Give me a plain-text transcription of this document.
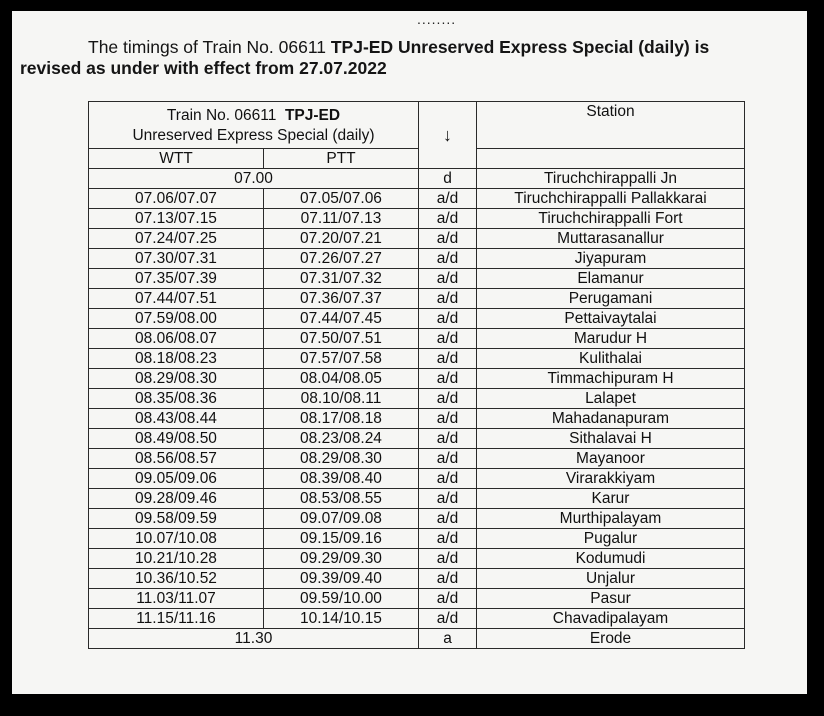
........
The timings of Train No. 06611 TPJ-ED Unreserved Express Special (daily) is
revised as under with effect from 27.07.2022
Train No. 06611 TPJ-ED
Unreserved Express Special (daily)		↓	Station
WTT	PTT		
07.00		d	Tiruchchirappalli Jn
07.06/07.07	07.05/07.06	a/d	Tiruchchirappalli Pallakkarai
07.13/07.15	07.11/07.13	a/d	Tiruchchirappalli Fort
07.24/07.25	07.20/07.21	a/d	Muttarasanallur
07.30/07.31	07.26/07.27	a/d	Jiyapuram
07.35/07.39	07.31/07.32	a/d	Elamanur
07.44/07.51	07.36/07.37	a/d	Perugamani
07.59/08.00	07.44/07.45	a/d	Pettaivaytalai
08.06/08.07	07.50/07.51	a/d	Marudur H
08.18/08.23	07.57/07.58	a/d	Kulithalai
08.29/08.30	08.04/08.05	a/d	Timmachipuram H
08.35/08.36	08.10/08.11	a/d	Lalapet
08.43/08.44	08.17/08.18	a/d	Mahadanapuram
08.49/08.50	08.23/08.24	a/d	Sithalavai H
08.56/08.57	08.29/08.30	a/d	Mayanoor
09.05/09.06	08.39/08.40	a/d	Virarakkiyam
09.28/09.46	08.53/08.55	a/d	Karur
09.58/09.59	09.07/09.08	a/d	Murthipalayam
10.07/10.08	09.15/09.16	a/d	Pugalur
10.21/10.28	09.29/09.30	a/d	Kodumudi
10.36/10.52	09.39/09.40	a/d	Unjalur
11.03/11.07	09.59/10.00	a/d	Pasur
11.15/11.16	10.14/10.15	a/d	Chavadipalayam
11.30		a	Erode
